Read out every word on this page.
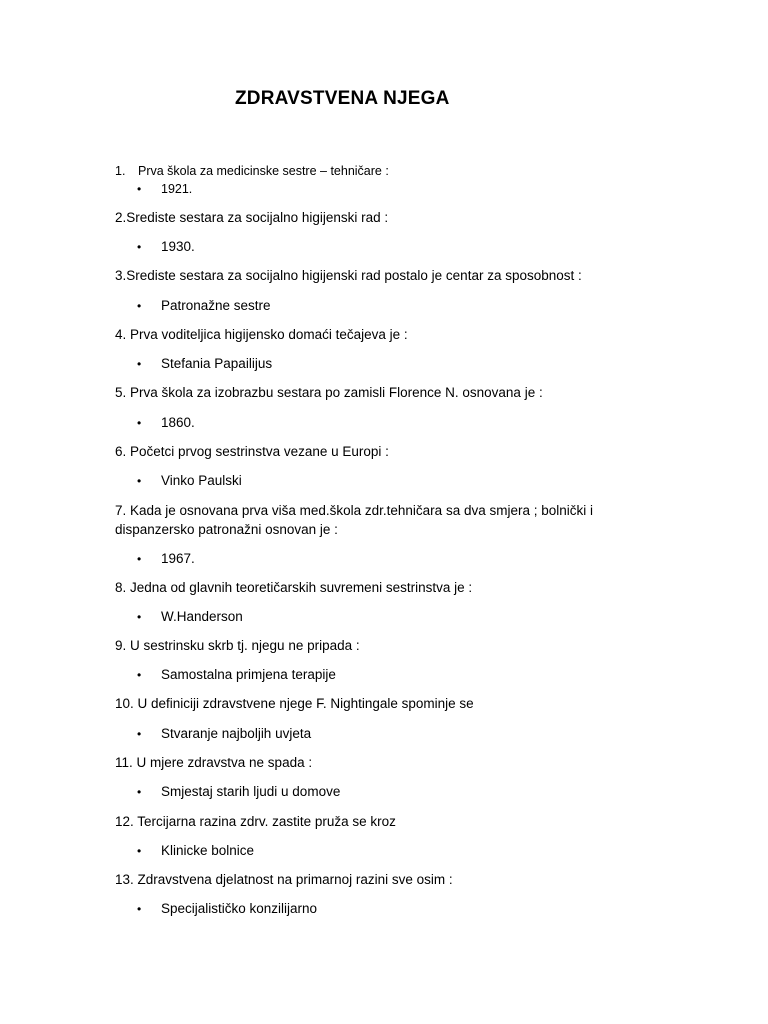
ZDRAVSTVENA NJEGA
1. Prva škola za medicinske sestre – tehničare :
• 1921.
2.Srediste sestara za socijalno higijenski rad :
• 1930.
3.Srediste sestara za socijalno higijenski rad postalo je centar za sposobnost :
• Patronažne sestre
4. Prva voditeljica higijensko domaći tečajeva je :
• Stefania Papailijus
5. Prva škola za izobrazbu sestara po zamisli Florence N. osnovana je :
• 1860.
6. Početci prvog sestrinstva vezane u Europi :
• Vinko Paulski
7. Kada je osnovana prva viša med.škola zdr.tehničara sa dva smjera ; bolnički i dispanzersko patronažni osnovan je :
• 1967.
8. Jedna od glavnih teoretičarskih suvremeni sestrinstva je :
• W.Handerson
9. U sestrinsku skrb tj. njegu ne pripada :
• Samostalna primjena terapije
10. U definiciji zdravstvene njege F. Nightingale spominje se
• Stvaranje najboljih uvjeta
11. U mjere zdravstva ne spada :
• Smjestaj starih ljudi u domove
12. Tercijarna razina zdrv. zastite pruža se kroz
• Klinicke bolnice
13. Zdravstvena djelatnost na primarnoj razini sve osim :
• Specijalističko konzilijarno
